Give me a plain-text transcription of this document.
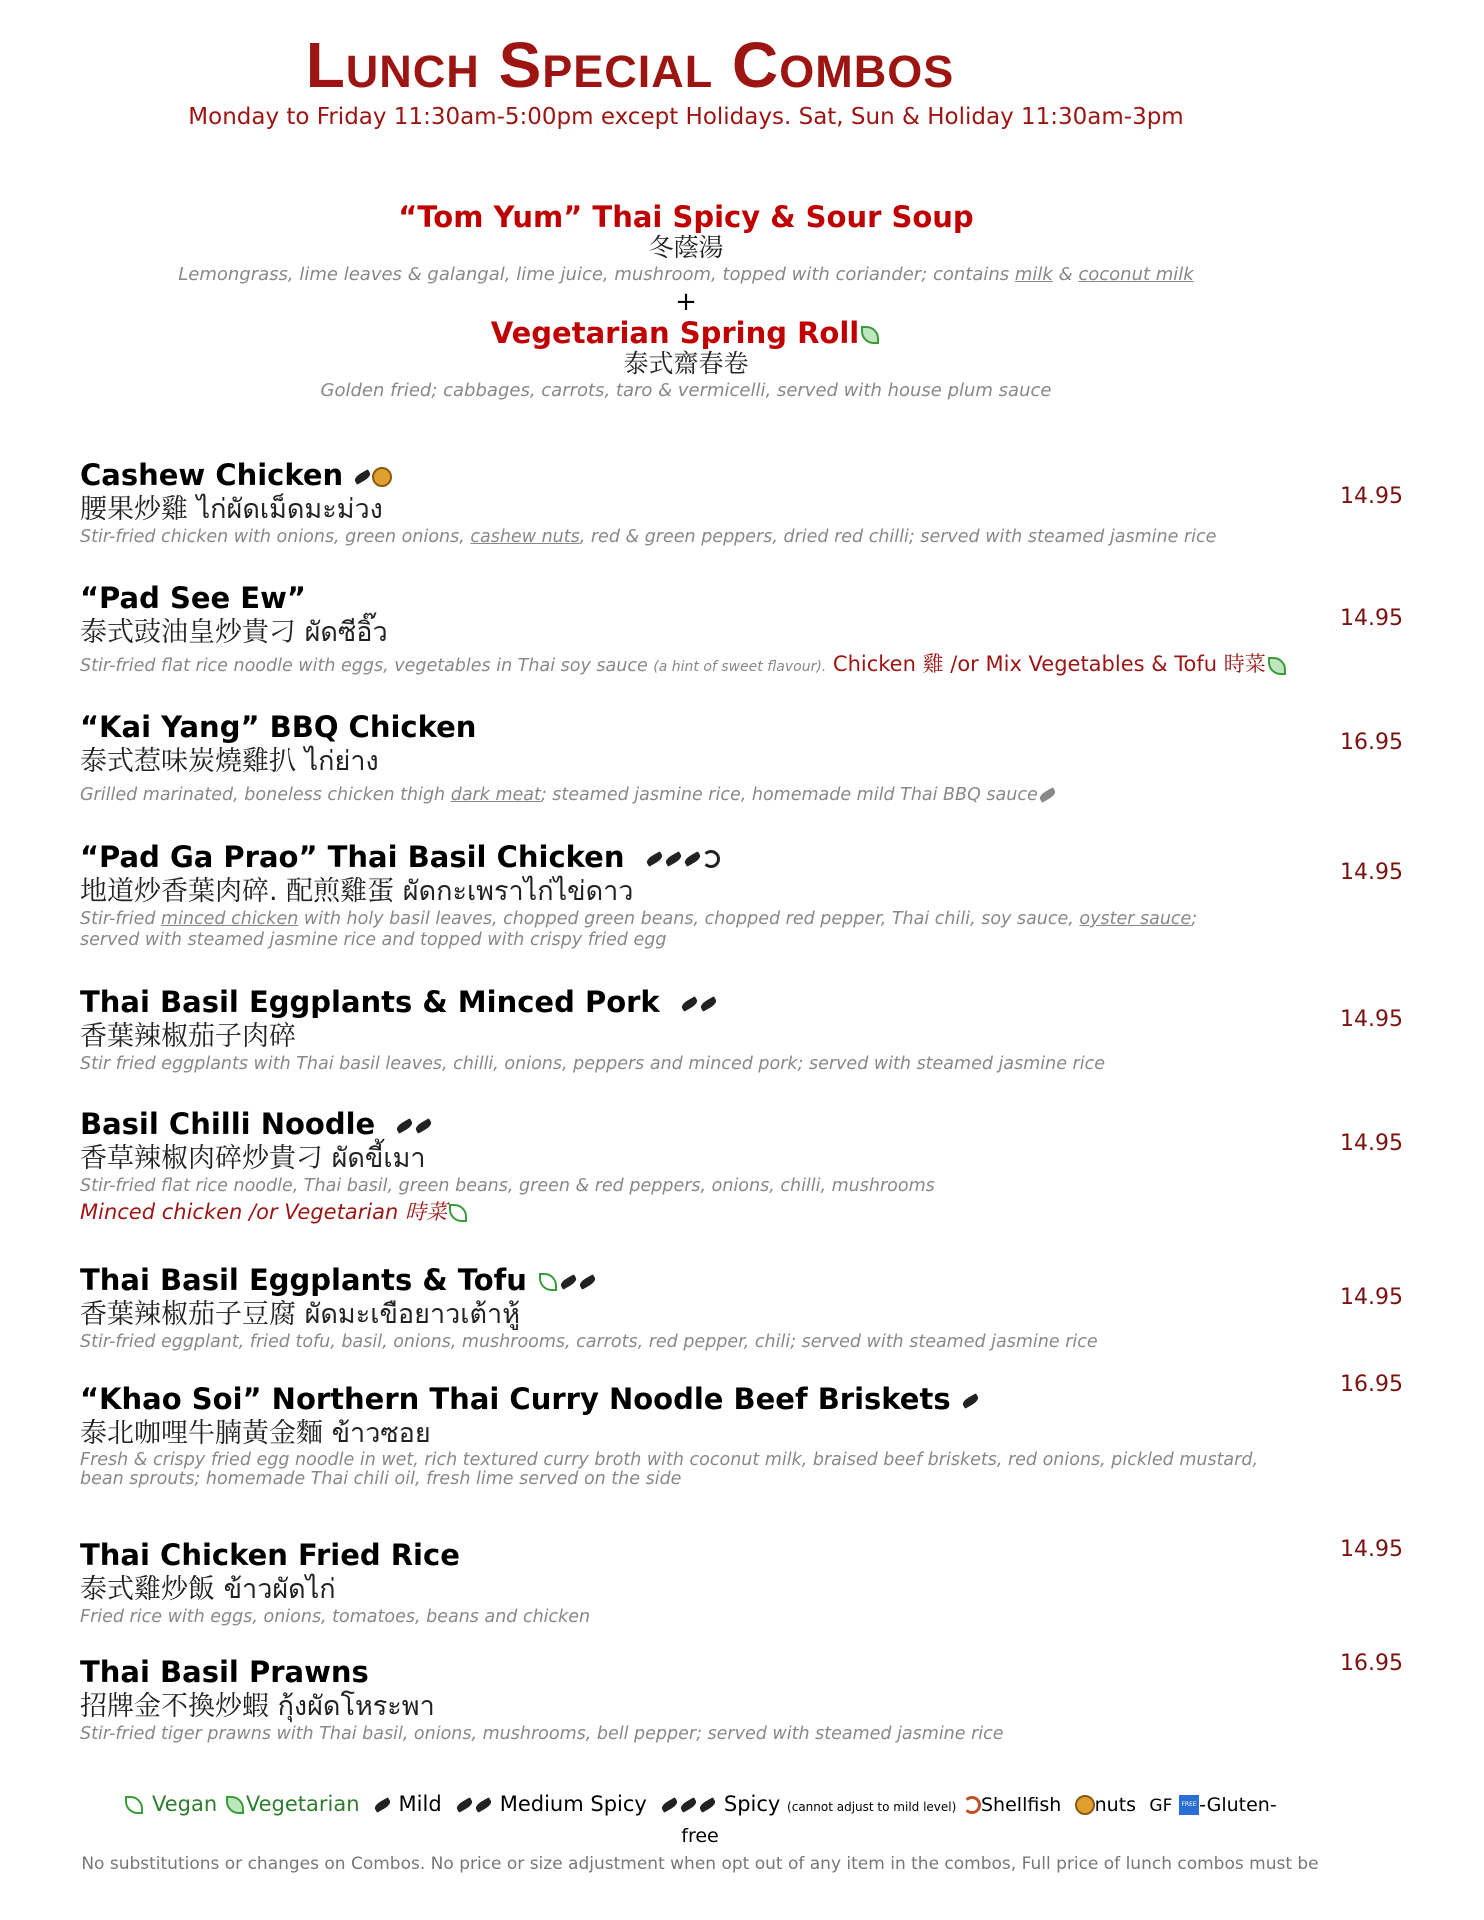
Lunch Special Combos
Monday to Friday 11:30am-5:00pm except Holidays. Sat, Sun & Holiday 11:30am-3pm
“Tom Yum” Thai Spicy & Sour Soup
冬蔭湯
Lemongrass, lime leaves & galangal, lime juice, mushroom, topped with coriander; contains milk & coconut milk
+
Vegetarian Spring Roll
泰式齋春卷
Golden fried; cabbages, carrots, taro & vermicelli, served with house plum sauce
Cashew Chicken
腰果炒雞 ไก่ผัดเม็ดมะม่วง
Stir-fried chicken with onions, green onions, cashew nuts, red & green peppers, dried red chilli; served with steamed jasmine rice
14.95
“Pad See Ew”
泰式豉油皇炒貴刁 ผัดซีอิ๊ว
Stir-fried flat rice noodle with eggs, vegetables in Thai soy sauce (a hint of sweet flavour). Chicken 雞 /or Mix Vegetables & Tofu 時菜
14.95
“Kai Yang” BBQ Chicken
泰式惹味炭燒雞扒 ไก่ย่าง
Grilled marinated, boneless chicken thigh dark meat; steamed jasmine rice, homemade mild Thai BBQ sauce
16.95
“Pad Ga Prao” Thai Basil Chicken
地道炒香葉肉碎. 配煎雞蛋 ผัดกะเพราไก่ไข่ดาว
Stir-fried minced chicken with holy basil leaves, chopped green beans, chopped red pepper, Thai chili, soy sauce, oyster sauce;
served with steamed jasmine rice and topped with crispy fried egg
14.95
Thai Basil Eggplants & Minced Pork
香葉辣椒茄子肉碎
Stir fried eggplants with Thai basil leaves, chilli, onions, peppers and minced pork; served with steamed jasmine rice
14.95
Basil Chilli Noodle
香草辣椒肉碎炒貴刁 ผัดขี้เมา
Stir-fried flat rice noodle, Thai basil, green beans, green & red peppers, onions, chilli, mushrooms
Minced chicken /or Vegetarian 時菜
14.95
Thai Basil Eggplants & Tofu
香葉辣椒茄子豆腐 ผัดมะเขือยาวเต้าหู้
Stir-fried eggplant, fried tofu, basil, onions, mushrooms, carrots, red pepper, chili; served with steamed jasmine rice
14.95
“Khao Soi” Northern Thai Curry Noodle Beef Briskets
泰北咖哩牛腩黃金麵 ข้าวซอย
Fresh & crispy fried egg noodle in wet, rich textured curry broth with coconut milk, braised beef briskets, red onions, pickled mustard,
bean sprouts; homemade Thai chili oil, fresh lime served on the side
16.95
Thai Chicken Fried Rice
泰式雞炒飯 ข้าวผัดไก่
Fried rice with eggs, onions, tomatoes, beans and chicken
14.95
Thai Basil Prawns
招牌金不換炒蝦 กุ้งผัดโหระพา
Stir-fried tiger prawns with Thai basil, onions, mushrooms, bell pepper; served with steamed jasmine rice
16.95
Vegan Vegetarian Mild	Medium Spicy	Spicy (cannot adjust to mild level) Shellfish nuts GF FREE -Gluten-
free
No substitutions or changes on Combos. No price or size adjustment when opt out of any item in the combos, Full price of lunch combos must be
